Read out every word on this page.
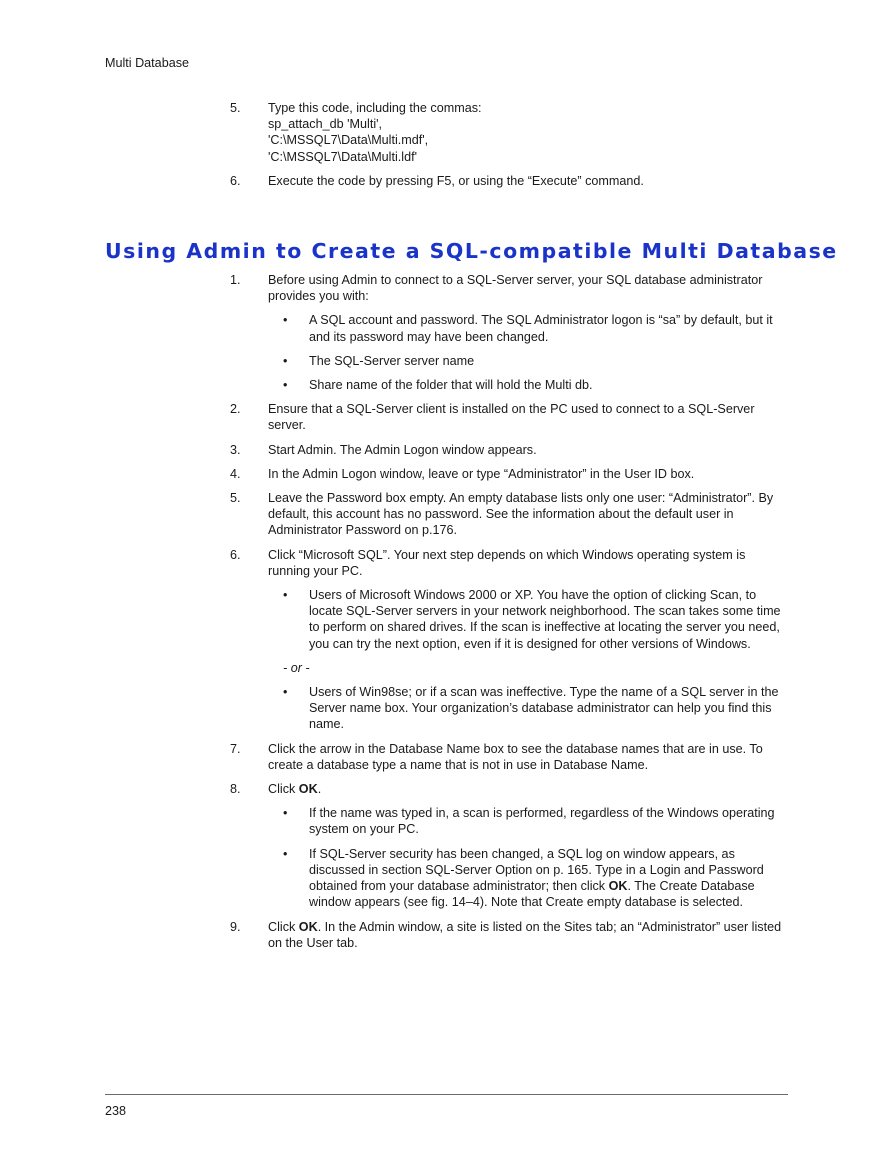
Multi Database
5.	Type this code, including the commas:
sp_attach_db 'Multi',
'C:\MSSQL7\Data\Multi.mdf',
'C:\MSSQL7\Data\Multi.ldf'
6.	Execute the code by pressing F5, or using the “Execute” command.
Using Admin to Create a SQL-compatible Multi Database
1.	Before using Admin to connect to a SQL-Server server, your SQL database administrator provides you with:
• A SQL account and password. The SQL Administrator logon is “sa” by default, but it and its password may have been changed.
• The SQL-Server server name
• Share name of the folder that will hold the Multi db.
2.	Ensure that a SQL-Server client is installed on the PC used to connect to a SQL-Server server.
3.	Start Admin. The Admin Logon window appears.
4.	In the Admin Logon window, leave or type “Administrator” in the User ID box.
5.	Leave the Password box empty. An empty database lists only one user: “Administrator”. By default, this account has no password. See the information about the default user in Administrator Password on p.176.
6.	Click “Microsoft SQL”. Your next step depends on which Windows operating system is running your PC.
• Users of Microsoft Windows 2000 or XP. You have the option of clicking Scan, to locate SQL-Server servers in your network neighborhood. The scan takes some time to perform on shared drives. If the scan is ineffective at locating the server you need, you can try the next option, even if it is designed for other versions of Windows.
- or -
• Users of Win98se; or if a scan was ineffective. Type the name of a SQL server in the Server name box. Your organization’s database administrator can help you find this name.
7.	Click the arrow in the Database Name box to see the database names that are in use. To create a database type a name that is not in use in Database Name.
8.	Click OK.
• If the name was typed in, a scan is performed, regardless of the Windows operating system on your PC.
• If SQL-Server security has been changed, a SQL log on window appears, as discussed in section SQL-Server Option on p. 165. Type in a Login and Password obtained from your database administrator; then click OK. The Create Database window appears (see fig. 14–4). Note that Create empty database is selected.
9.	Click OK. In the Admin window, a site is listed on the Sites tab; an “Administrator” user listed on the User tab.
238
